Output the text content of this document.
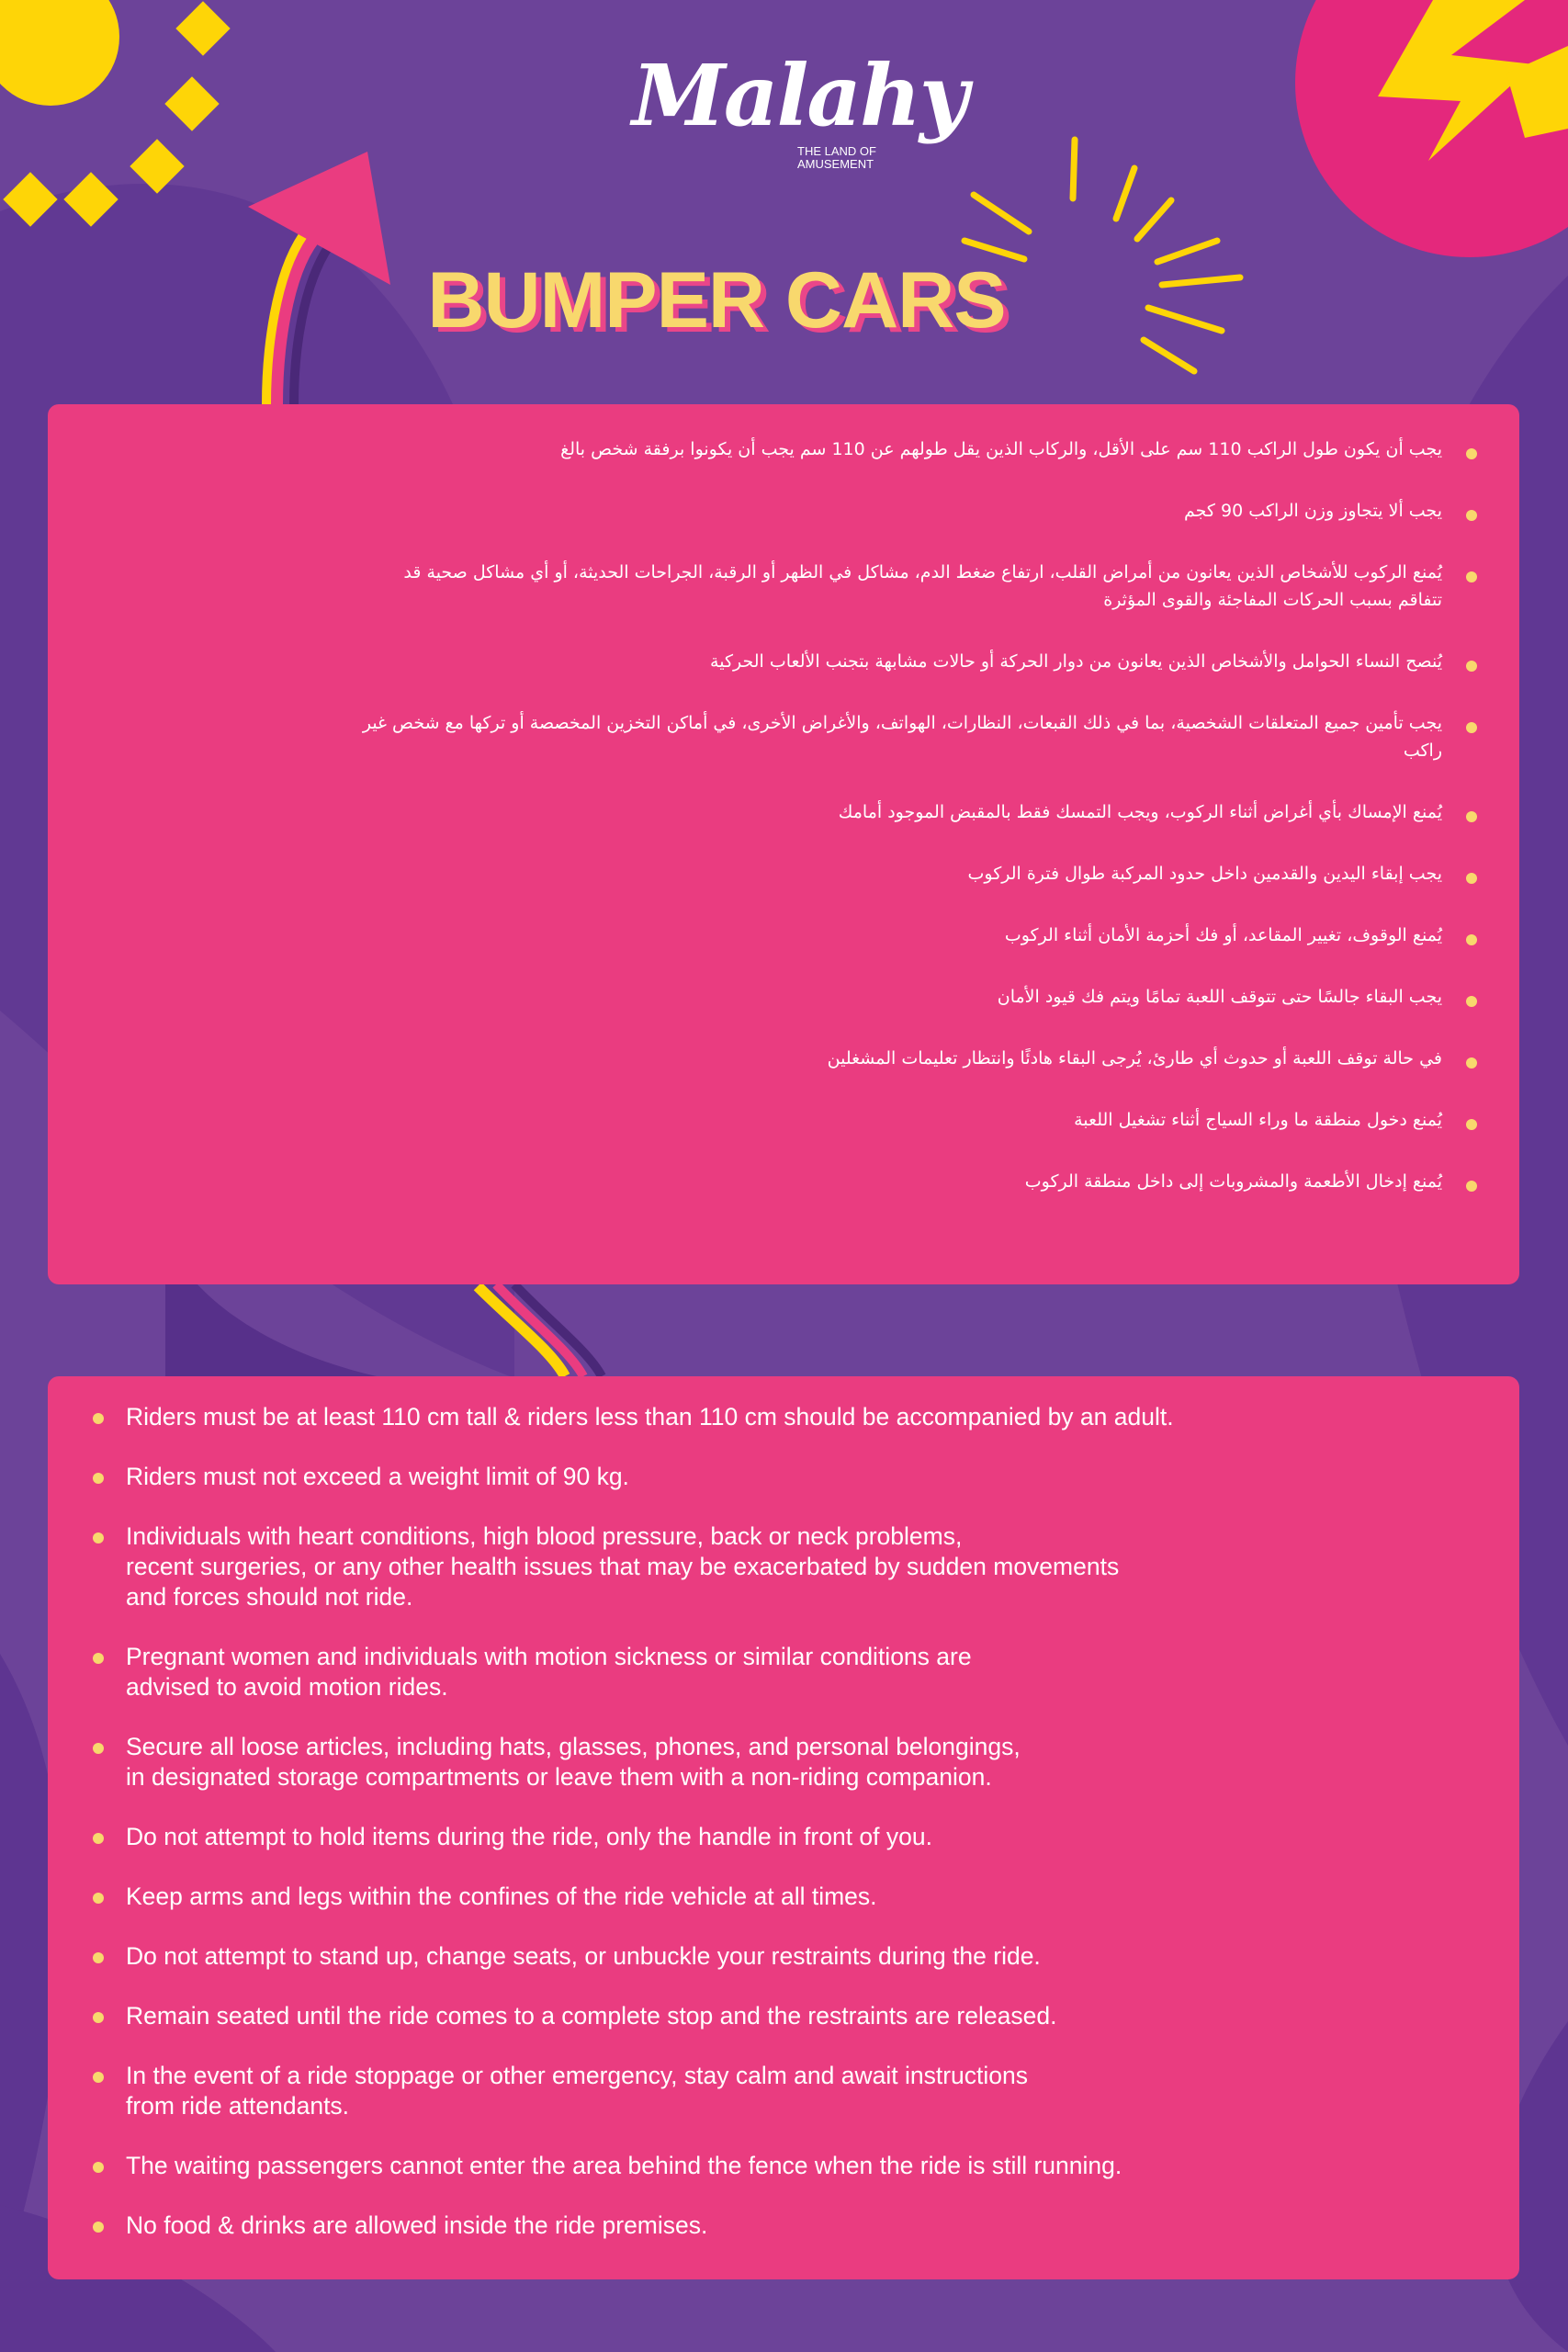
Malahy
THE LAND OF
AMUSEMENT
BUMPER CARS
يجب أن يكون طول الراكب 110 سم على الأقل، والركاب الذين يقل طولهم عن 110 سم يجب أن يكونوا برفقة شخص بالغ
يجب ألا يتجاوز وزن الراكب 90 كجم
يُمنع الركوب للأشخاص الذين يعانون من أمراض القلب، ارتفاع ضغط الدم، مشاكل في الظهر أو الرقبة، الجراحات الحديثة، أو أي مشاكل صحية قد تتفاقم بسبب الحركات المفاجئة والقوى المؤثرة
يُنصح النساء الحوامل والأشخاص الذين يعانون من دوار الحركة أو حالات مشابهة بتجنب الألعاب الحركية
يجب تأمين جميع المتعلقات الشخصية، بما في ذلك القبعات، النظارات، الهواتف، والأغراض الأخرى، في أماكن التخزين المخصصة أو تركها مع شخص غير راكب
يُمنع الإمساك بأي أغراض أثناء الركوب، ويجب التمسك فقط بالمقبض الموجود أمامك
يجب إبقاء اليدين والقدمين داخل حدود المركبة طوال فترة الركوب
يُمنع الوقوف، تغيير المقاعد، أو فك أحزمة الأمان أثناء الركوب
يجب البقاء جالسًا حتى تتوقف اللعبة تمامًا ويتم فك قيود الأمان
في حالة توقف اللعبة أو حدوث أي طارئ، يُرجى البقاء هادئًا وانتظار تعليمات المشغلين
يُمنع دخول منطقة ما وراء السياج أثناء تشغيل اللعبة
يُمنع إدخال الأطعمة والمشروبات إلى داخل منطقة الركوب
Riders must be at least 110 cm tall & riders less than 110 cm should be accompanied by an adult.
Riders must not exceed a weight limit of 90 kg.
Individuals with heart conditions, high blood pressure, back or neck problems,
recent surgeries, or any other health issues that may be exacerbated by sudden movements
and forces should not ride.
Pregnant women and individuals with motion sickness or similar conditions are
advised to avoid motion rides.
Secure all loose articles, including hats, glasses, phones, and personal belongings,
in designated storage compartments or leave them with a non-riding companion.
Do not attempt to hold items during the ride, only the handle in front of you.
Keep arms and legs within the confines of the ride vehicle at all times.
Do not attempt to stand up, change seats, or unbuckle your restraints during the ride.
Remain seated until the ride comes to a complete stop and the restraints are released.
In the event of a ride stoppage or other emergency, stay calm and await instructions
from ride attendants.
The waiting passengers cannot enter the area behind the fence when the ride is still running.
No food & drinks are allowed inside the ride premises.
